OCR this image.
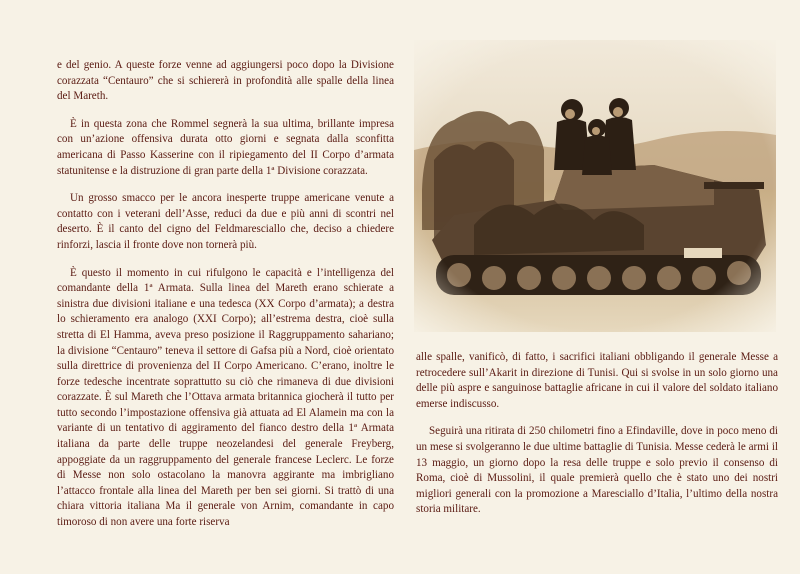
e del genio. A queste forze venne ad aggiungersi poco dopo la Divisione corazzata “Centauro” che si schiererà in profondità alle spalle della linea del Mareth.

È in questa zona che Rommel segnerà la sua ultima, brillante impresa con un’azione offensiva durata otto giorni e segnata dalla sconfitta americana di Passo Kasserine con il ripiegamento del II Corpo d’armata statunitense e la distruzione di gran parte della 1ª Divisione corazzata.

Un grosso smacco per le ancora inesperte truppe americane venute a contatto con i veterani dell’Asse, reduci da due e più anni di scontri nel deserto. È il canto del cigno del Feldmaresciallo che, deciso a chiedere rinforzi, lascia il fronte dove non tornerà più.

È questo il momento in cui rifulgono le capacità e l’intelligenza del comandante della 1ª Armata. Sulla linea del Mareth erano schierate a sinistra due divisioni italiane e una tedesca (XX Corpo d’armata); a destra lo schieramento era analogo (XXI Corpo); all’estrema destra, cioè sulla stretta di El Hamma, aveva preso posizione il Raggruppamento sahariano; la divisione “Centauro” teneva il settore di Gafsa più a Nord, cioè orientato sulla direttrice di provenienza del II Corpo Americano. C’erano, inoltre le forze tedesche incentrate soprattutto su ciò che rimaneva di due divisioni corazzate. È sul Mareth che l’Ottava armata britannica giocherà il tutto per tutto secondo l’impostazione offensiva già attuata ad El Alamein ma con la variante di un tentativo di aggiramento del fianco destro della 1ª Armata italiana da parte delle truppe neozelandesi del generale Freyberg, appoggiate da un raggruppamento del generale francese Leclerc. Le forze di Messe non solo ostacolano la manovra aggirante ma imbrigliano l’attacco frontale alla linea del Mareth per ben sei giorni. Si trattò di una chiara vittoria italiana Ma il generale von Arnim, comandante in capo timoroso di non avere una forte riserva

alle spalle, vanificò, di fatto, i sacrifici italiani obbligando il generale Messe a retrocedere sull’Akarit in direzione di Tunisi. Qui si svolse in un solo giorno una delle più aspre e sanguinose battaglie africane in cui il valore del soldato italiano emerse indiscusso.

Seguirà una ritirata di 250 chilometri fino a Efindaville, dove in poco meno di un mese si svolgeranno le due ultime battaglie di Tunisia. Messe cederà le armi il 13 maggio, un giorno dopo la resa delle truppe e solo previo il consenso di Roma, cioè di Mussolini, il quale premierà quello che è stato uno dei nostri migliori generali con la promozione a Maresciallo d’Italia, l’ultimo della nostra storia militare.
